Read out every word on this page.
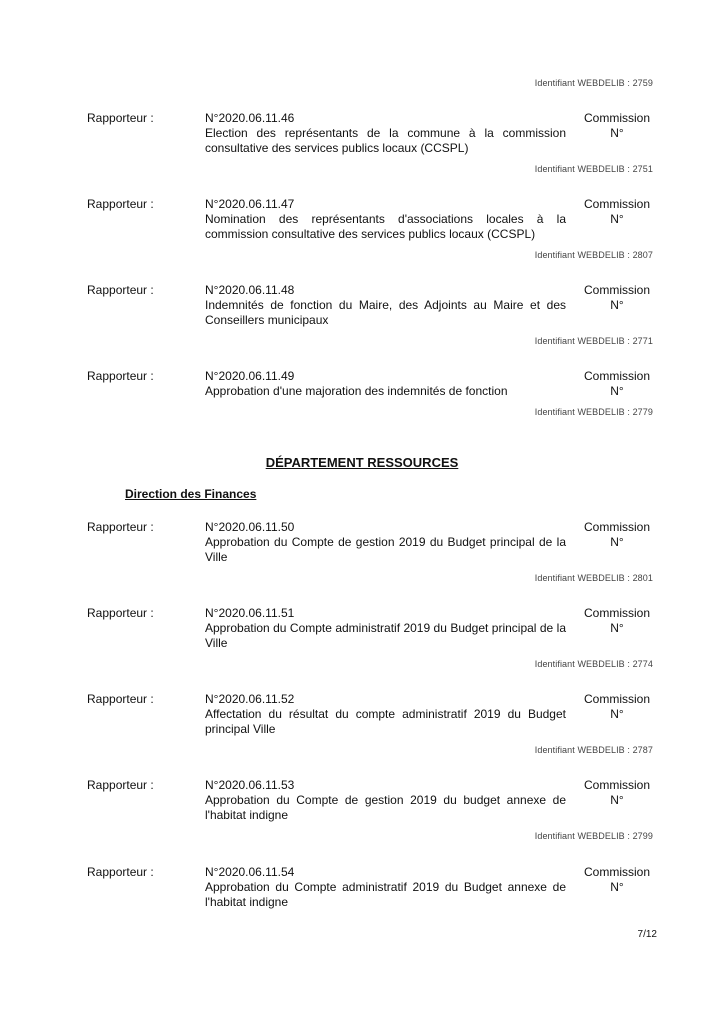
Identifiant WEBDELIB : 2759
Rapporteur :	N°2020.06.11.46
Election des représentants de la commune à la commission consultative des services publics locaux (CCSPL)
Commission
N°
Identifiant WEBDELIB : 2751
Rapporteur :	N°2020.06.11.47
Nomination des représentants d'associations locales à la commission consultative des services publics locaux (CCSPL)
Commission
N°
Identifiant WEBDELIB : 2807
Rapporteur :	N°2020.06.11.48
Indemnités de fonction du Maire, des Adjoints au Maire et des Conseillers municipaux
Commission
N°
Identifiant WEBDELIB : 2771
Rapporteur :	N°2020.06.11.49
Approbation d'une majoration des indemnités de fonction
Commission
N°
Identifiant WEBDELIB : 2779
DÉPARTEMENT RESSOURCES
Direction des Finances
Rapporteur :	N°2020.06.11.50
Approbation du Compte de gestion 2019 du Budget principal de la Ville
Commission
N°
Identifiant WEBDELIB : 2801
Rapporteur :	N°2020.06.11.51
Approbation du Compte administratif 2019 du Budget principal de la Ville
Commission
N°
Identifiant WEBDELIB : 2774
Rapporteur :	N°2020.06.11.52
Affectation du résultat du compte administratif 2019 du Budget principal Ville
Commission
N°
Identifiant WEBDELIB : 2787
Rapporteur :	N°2020.06.11.53
Approbation du Compte de gestion 2019 du budget annexe de l'habitat indigne
Commission
N°
Identifiant WEBDELIB : 2799
Rapporteur :	N°2020.06.11.54
Approbation du Compte administratif 2019 du Budget annexe de l'habitat indigne
Commission
N°
7/12
